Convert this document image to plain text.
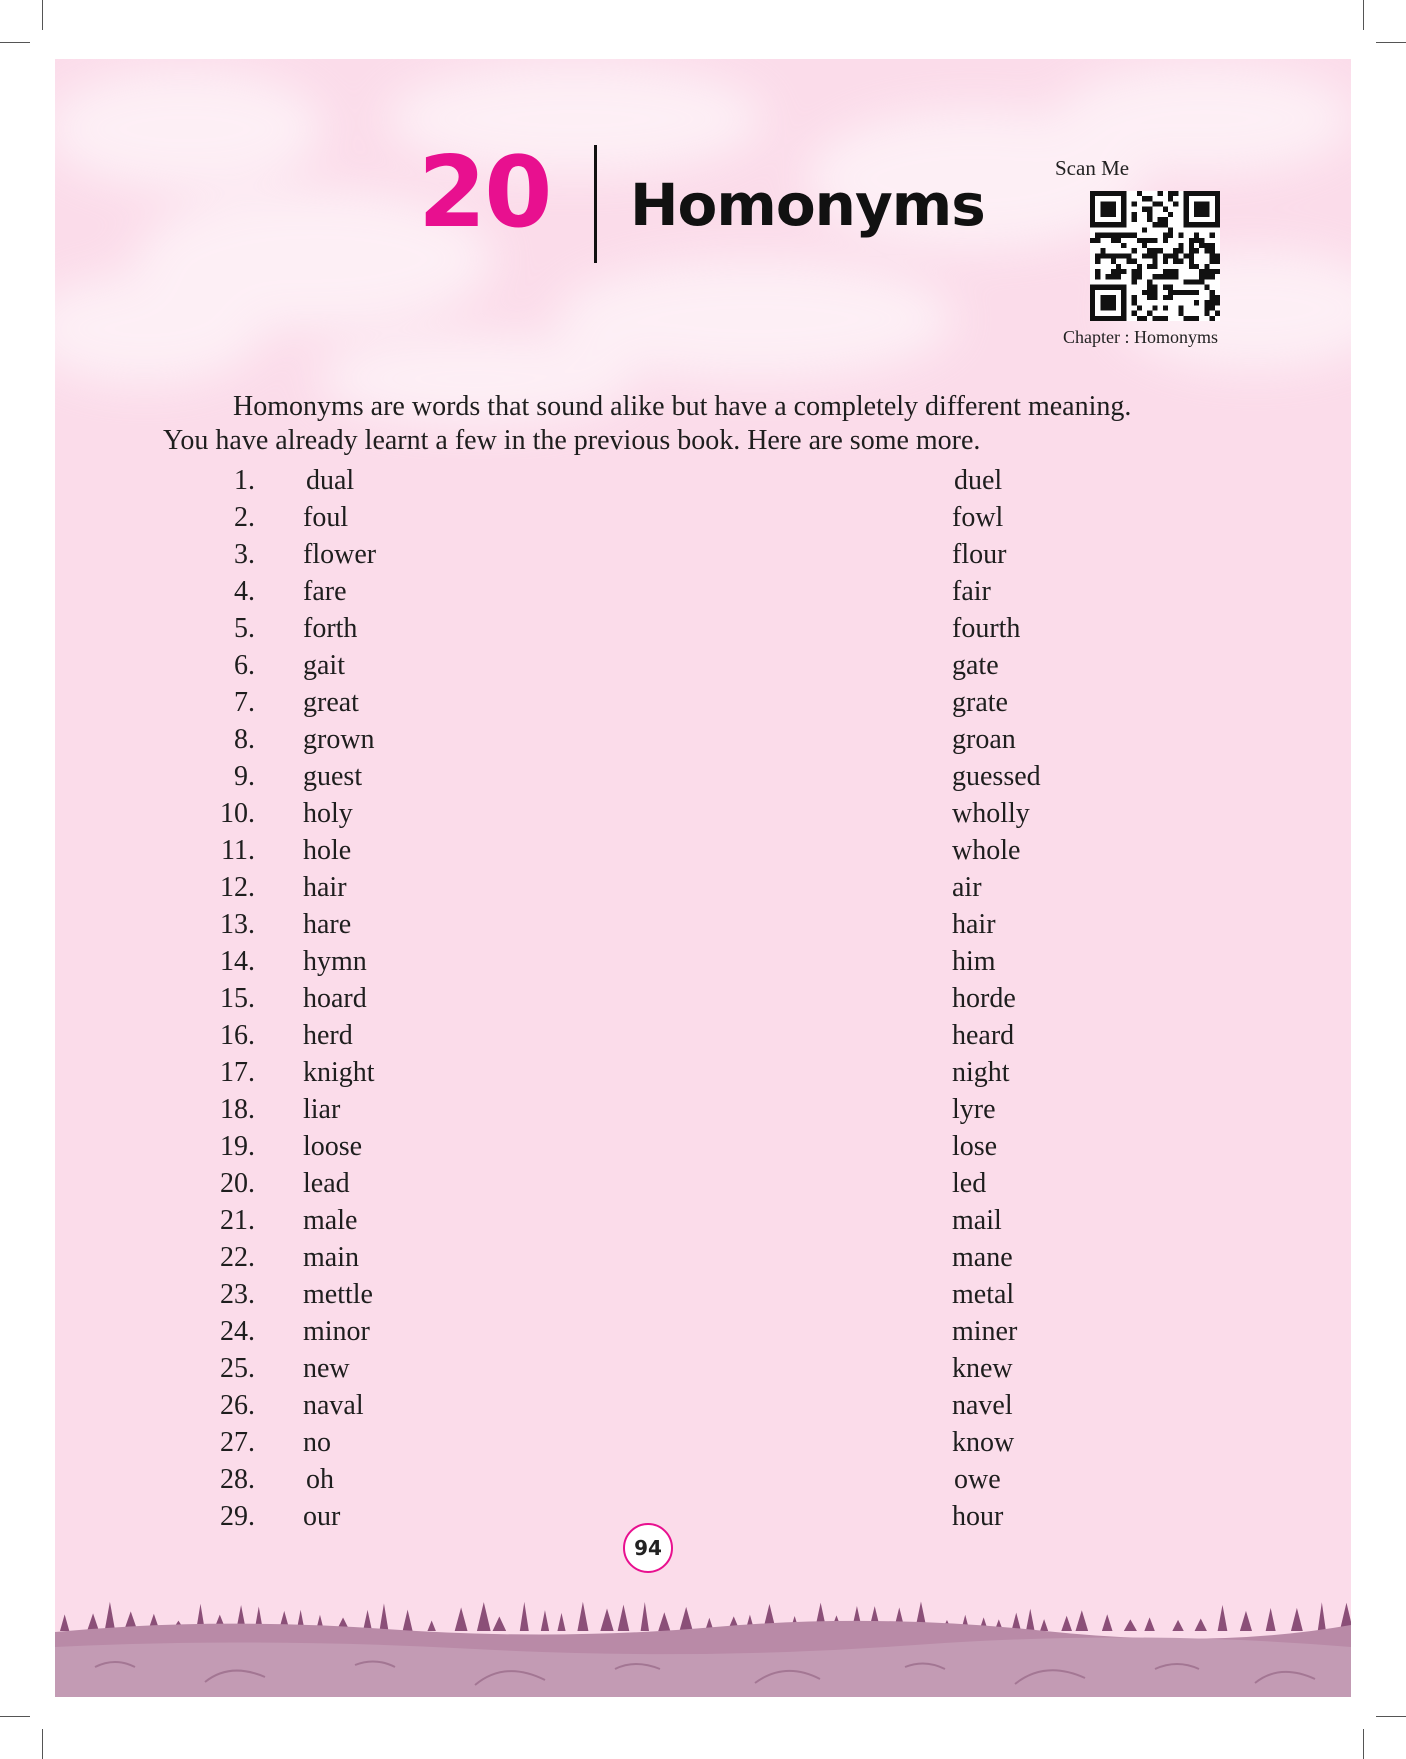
20 Homonyms
Scan Me
Chapter : Homonyms

Homonyms are words that sound alike but have a completely different meaning.

You have already learnt a few in the previous book. Here are some more.

1. dual	duel
2. foul	fowl
3. flower	flour
4. fare	fair
5. forth	fourth
6. gait	gate
7. great	grate
8. grown	groan
9. guest	guessed
10. holy	wholly
11. hole	whole
12. hair	air
13. hare	hair
14. hymn	him
15. hoard	horde
16. herd	heard
17. knight	night
18. liar	lyre
19. loose	lose
20. lead	led
21. male	mail
22. main	mane
23. mettle	metal
24. minor	miner
25. new	knew
26. naval	navel
27. no	know
28. oh	owe
29. our	hour
94
